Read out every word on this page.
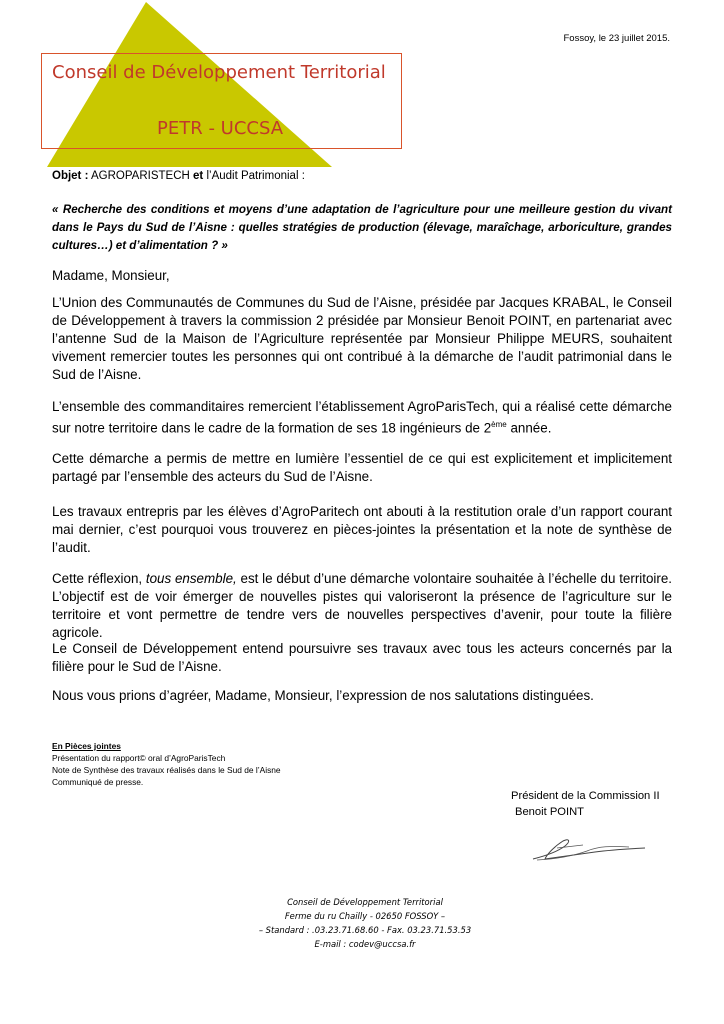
Conseil de Développement Territorial
PETR - UCCSA
Fossoy, le 23 juillet 2015.
Objet : AGROPARISTECH et l’Audit Patrimonial :
« Recherche des conditions et moyens d’une adaptation de l’agriculture pour une meilleure gestion du vivant dans le Pays du Sud de l’Aisne : quelles stratégies de production (élevage, maraîchage, arboriculture, grandes cultures…) et d’alimentation ? »
Madame, Monsieur,
L’Union des Communautés de Communes du Sud de l’Aisne, présidée par Jacques KRABAL, le Conseil de Développement à travers la commission 2 présidée par Monsieur Benoit POINT, en partenariat avec l’antenne Sud de la Maison de l’Agriculture représentée par Monsieur Philippe MEURS, souhaitent vivement remercier toutes les personnes qui ont contribué à la démarche de l’audit patrimonial dans le Sud de l’Aisne.
L’ensemble des commanditaires remercient l’établissement AgroParisTech, qui a réalisé cette démarche sur notre territoire dans le cadre de la formation de ses 18 ingénieurs de 2ème année.
Cette démarche a permis de mettre en lumière l’essentiel de ce qui est explicitement et implicitement partagé par l’ensemble des acteurs du Sud de l’Aisne.
Les travaux entrepris par les élèves d’AgroParitech ont abouti à la restitution orale d’un rapport courant mai dernier, c’est pourquoi vous trouverez en pièces-jointes la présentation et la note de synthèse de l’audit.
Cette réflexion, tous ensemble, est le début d’une démarche volontaire souhaitée à l’échelle du territoire. L’objectif est de voir émerger de nouvelles pistes qui valoriseront la présence de l’agriculture sur le territoire et vont permettre de tendre vers de nouvelles perspectives d’avenir, pour toute la filière agricole.
Le Conseil de Développement entend poursuivre ses travaux avec tous les acteurs concernés par la filière pour le Sud de l’Aisne.
Nous vous prions d’agréer, Madame, Monsieur, l’expression de nos salutations distinguées.
En Pièces jointes
Présentation du rapport© oral d’AgroParisTech
Note de Synthèse des travaux réalisés dans le Sud de l’Aisne
Communiqué de presse.
Président de la Commission II
Benoit POINT
Conseil de Développement Territorial
Ferme du ru Chailly - 02650 FOSSOY –
– Standard : .03.23.71.68.60 - Fax. 03.23.71.53.53
E-mail : codev@uccsa.fr
